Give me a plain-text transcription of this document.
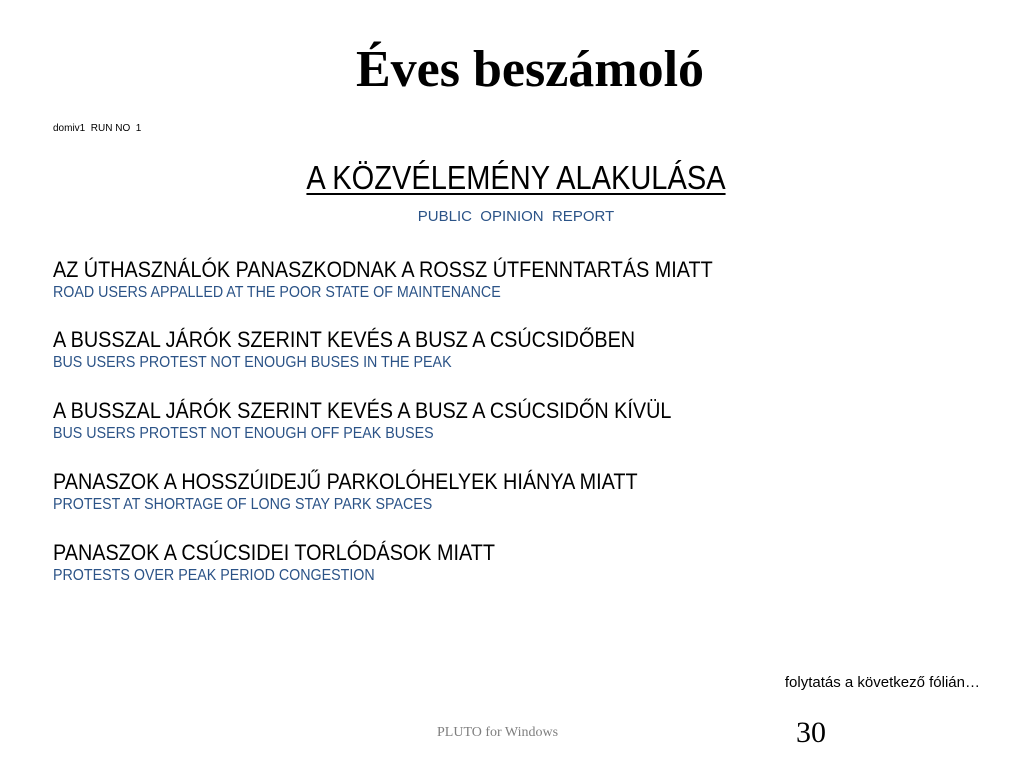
Éves beszámoló
domiv1  RUN NO  1
A KÖZVÉLEMÉNY ALAKULÁSA
PUBLIC  OPINION  REPORT
AZ ÚTHASZNÁLÓK PANASZKODNAK A ROSSZ ÚTFENNTARTÁS MIATT
ROAD USERS APPALLED AT THE POOR STATE OF MAINTENANCE
A BUSSZAL JÁRÓK SZERINT KEVÉS A BUSZ A CSÚCSIDŐBEN
BUS USERS PROTEST NOT ENOUGH BUSES IN THE PEAK
A BUSSZAL JÁRÓK SZERINT KEVÉS A BUSZ A CSÚCSIDŐN KÍVÜL
BUS USERS PROTEST NOT ENOUGH OFF PEAK BUSES
PANASZOK A HOSSZÚIDEJŰ PARKOLÓHELYEK HIÁNYA MIATT
PROTEST AT SHORTAGE OF LONG STAY PARK SPACES
PANASZOK A CSÚCSIDEI TORLÓDÁSOK MIATT
PROTESTS OVER PEAK PERIOD CONGESTION
folytatás a következő fólián…
PLUTO for Windows	30
